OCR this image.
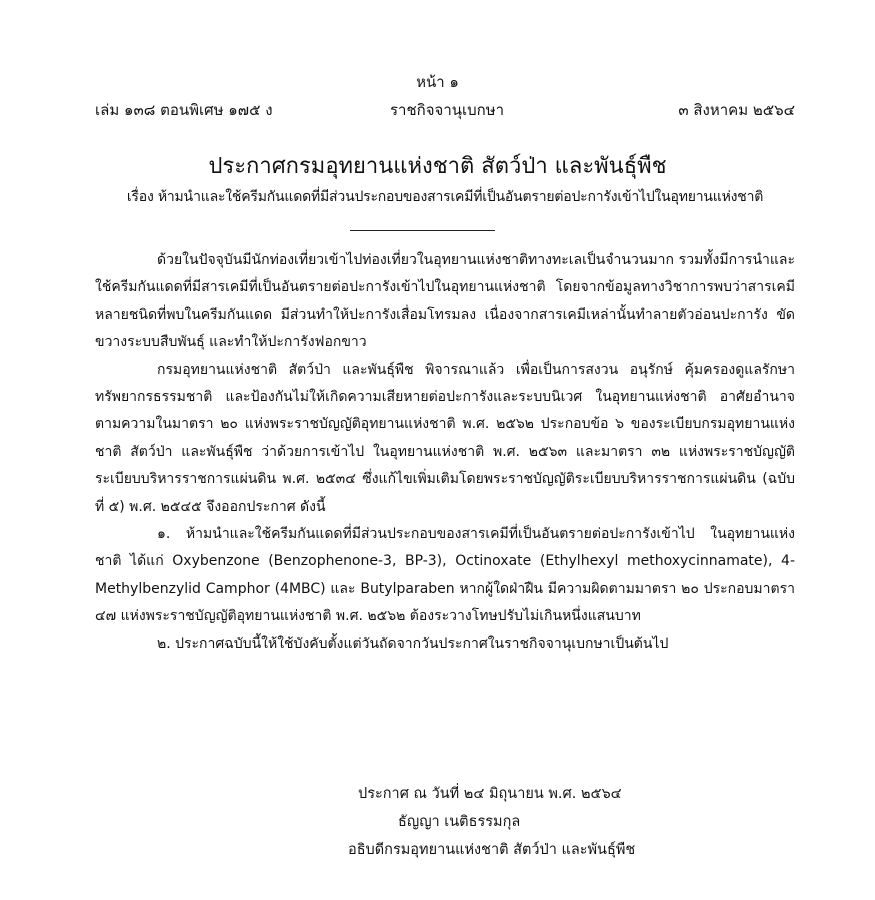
หน้า ๑
เล่ม ๑๓๘ ตอนพิเศษ ๑๗๕ ง	ราชกิจจานุเบกษา	๓ สิงหาคม ๒๕๖๔
ประกาศกรมอุทยานแห่งชาติ สัตว์ป่า และพันธุ์พืช
เรื่อง ห้ามนำและใช้ครีมกันแดดที่มีส่วนประกอบของสารเคมีที่เป็นอันตรายต่อปะการังเข้าไปในอุทยานแห่งชาติ

ด้วยในปัจจุบันมีนักท่องเที่ยวเข้าไปท่องเที่ยวในอุทยานแห่งชาติทางทะเลเป็นจำนวนมาก รวมทั้งมีการนำและใช้ครีมกันแดดที่มีสารเคมีที่เป็นอันตรายต่อปะการังเข้าไปในอุทยานแห่งชาติ โดยจากข้อมูลทางวิชาการพบว่าสารเคมีหลายชนิดที่พบในครีมกันแดด มีส่วนทำให้ปะการังเสื่อมโทรมลง เนื่องจากสารเคมีเหล่านั้นทำลายตัวอ่อนปะการัง ขัดขวางระบบสืบพันธุ์ และทำให้ปะการังฟอกขาว

กรมอุทยานแห่งชาติ สัตว์ป่า และพันธุ์พืช พิจารณาแล้ว เพื่อเป็นการสงวน อนุรักษ์ คุ้มครองดูแลรักษาทรัพยากรธรรมชาติ และป้องกันไม่ให้เกิดความเสียหายต่อปะการังและระบบนิเวศ ในอุทยานแห่งชาติ อาศัยอำนาจตามความในมาตรา ๒๐ แห่งพระราชบัญญัติอุทยานแห่งชาติ พ.ศ. ๒๕๖๒ ประกอบข้อ ๖ ของระเบียบกรมอุทยานแห่งชาติ สัตว์ป่า และพันธุ์พืช ว่าด้วยการเข้าไป ในอุทยานแห่งชาติ พ.ศ. ๒๕๖๓ และมาตรา ๓๒ แห่งพระราชบัญญัติระเบียบบริหารราชการแผ่นดิน พ.ศ. ๒๕๓๔ ซึ่งแก้ไขเพิ่มเติมโดยพระราชบัญญัติระเบียบบริหารราชการแผ่นดิน (ฉบับที่ ๕) พ.ศ. ๒๕๔๕ จึงออกประกาศ ดังนี้

๑. ห้ามนำและใช้ครีมกันแดดที่มีส่วนประกอบของสารเคมีที่เป็นอันตรายต่อปะการังเข้าไป ในอุทยานแห่งชาติ ได้แก่ Oxybenzone (Benzophenone-3, BP-3), Octinoxate (Ethylhexyl methoxycinnamate), 4-Methylbenzylid Camphor (4MBC) และ Butylparaben หากผู้ใดฝ่าฝืน มีความผิดตามมาตรา ๒๐ ประกอบมาตรา ๔๗ แห่งพระราชบัญญัติอุทยานแห่งชาติ พ.ศ. ๒๕๖๒ ต้องระวางโทษปรับไม่เกินหนึ่งแสนบาท

๒. ประกาศฉบับนี้ให้ใช้บังคับตั้งแต่วันถัดจากวันประกาศในราชกิจจานุเบกษาเป็นต้นไป

ประกาศ ณ วันที่ ๒๔ มิถุนายน พ.ศ. ๒๕๖๔
ธัญญา เนติธรรมกุล
อธิบดีกรมอุทยานแห่งชาติ สัตว์ป่า และพันธุ์พืช
